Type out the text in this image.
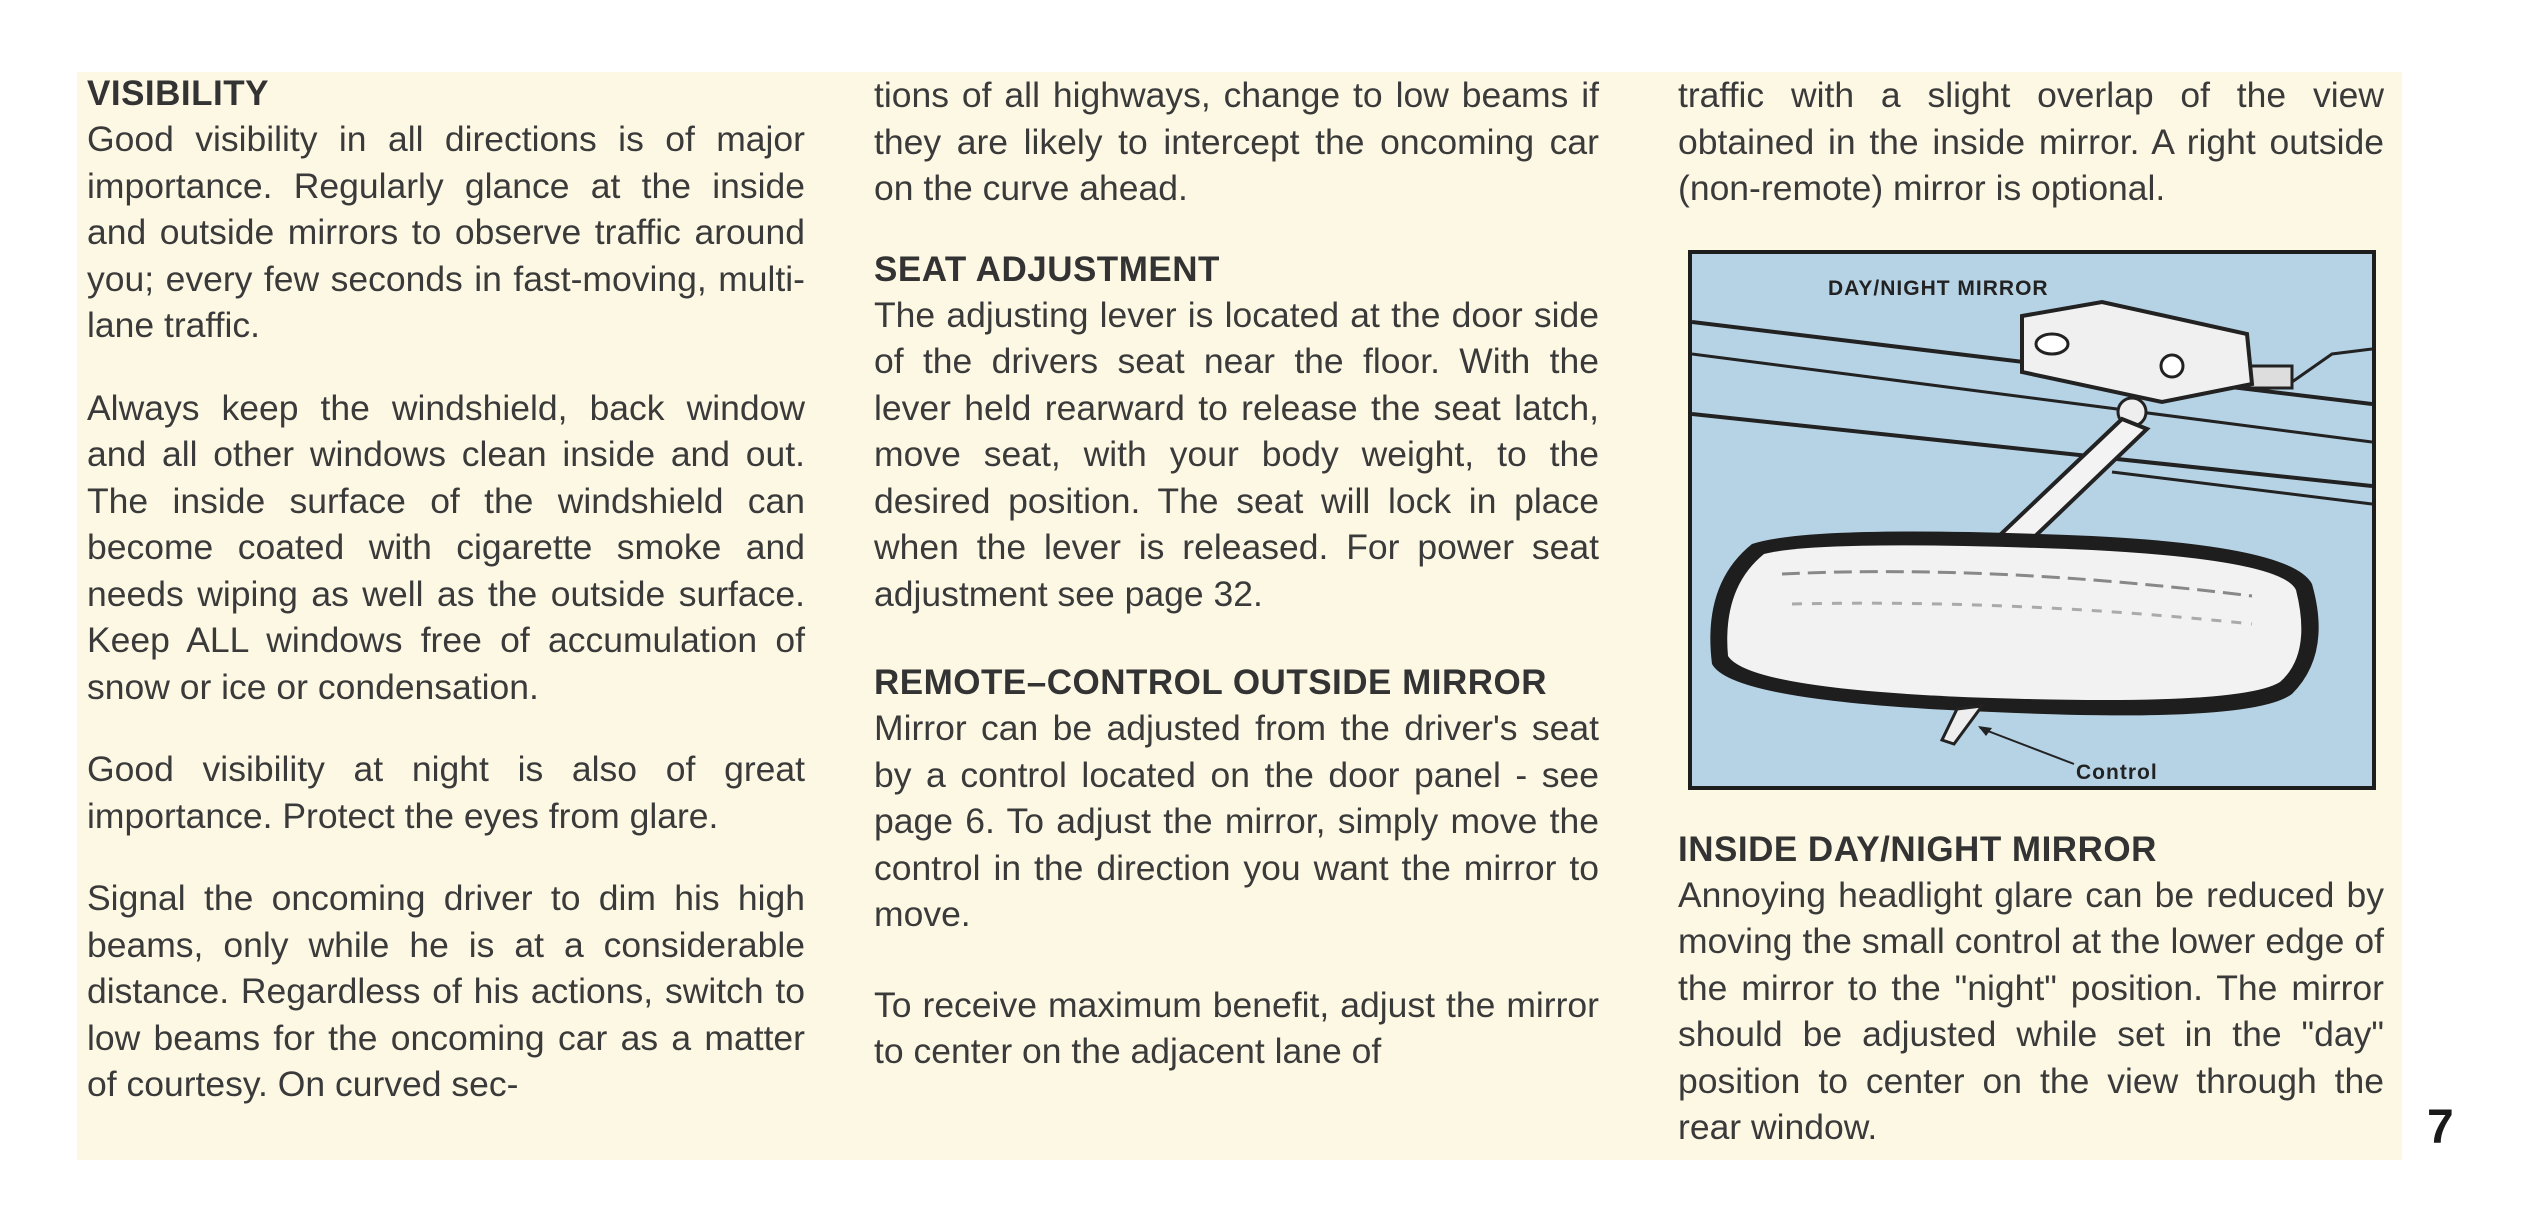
VISIBILITY

Good visibility in all directions is of major importance. Regularly glance at the inside and outside mirrors to observe traffic around you; every few seconds in fast-moving, multi-lane traffic.

Always keep the windshield, back window and all other windows clean inside and out. The inside surface of the windshield can become coated with cigarette smoke and needs wiping as well as the outside surface. Keep ALL windows free of accumulation of snow or ice or condensation.

Good visibility at night is also of great importance. Protect the eyes from glare.

Signal the oncoming driver to dim his high beams, only while he is at a considerable distance. Regardless of his actions, switch to low beams for the oncoming car as a matter of courtesy. On curved sec-

tions of all highways, change to low beams if they are likely to intercept the oncoming car on the curve ahead.

SEAT ADJUSTMENT

The adjusting lever is located at the door side of the drivers seat near the floor. With the lever held rearward to release the seat latch, move seat, with your body weight, to the desired position. The seat will lock in place when the lever is released. For power seat adjustment see page 32.

REMOTE–CONTROL OUTSIDE MIRROR

Mirror can be adjusted from the driver's seat by a control located on the door panel - see page 6. To adjust the mirror, simply move the control in the direction you want the mirror to move.

To receive maximum benefit, adjust the mirror to center on the adjacent lane of

traffic with a slight overlap of the view obtained in the inside mirror. A right outside (non-remote) mirror is optional.

DAY/NIGHT MIRROR
Control
INSIDE DAY/NIGHT MIRROR

Annoying headlight glare can be reduced by moving the small control at the lower edge of the mirror to the "night" position. The mirror should be adjusted while set in the "day" position to center on the view through the rear window.	7
